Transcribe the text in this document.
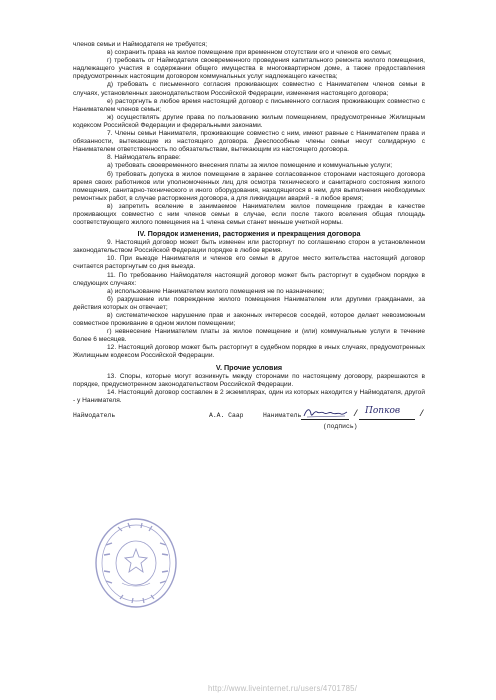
членов семьи и Наймодателя не требуется;

в) сохранить права на жилое помещение при временном отсутствии его и членов его семьи;

г) требовать от Наймодателя своевременного проведения капитального ремонта жилого помещения, надлежащего участия в содержании общего имущества в многоквартирном доме, а также предоставления предусмотренных настоящим договором коммунальных услуг надлежащего качества;

д) требовать с письменного согласия проживающих совместно с Нанимателем членов семьи в случаях, установленных законодательством Российской Федерации, изменения настоящего договора;

е) расторгнуть в любое время настоящий договор с письменного согласия проживающих совместно с Нанимателем членов семьи;

ж) осуществлять другие права по пользованию жилым помещением, предусмотренные Жилищным кодексом Российской Федерации и федеральными законами.

7. Члены семьи Нанимателя, проживающие совместно с ним, имеют равные с Нанимателем права и обязанности, вытекающие из настоящего договора. Дееспособные члены семьи несут солидарную с Нанимателем ответственность по обязательствам, вытекающим из настоящего договора.

8. Наймодатель вправе:

а) требовать своевременного внесения платы за жилое помещение и коммунальные услуги;

б) требовать допуска в жилое помещение в заранее согласованное сторонами настоящего договора время своих работников или уполномоченных лиц для осмотра технического и санитарного состояния жилого помещения, санитарно-технического и иного оборудования, находящегося в нем, для выполнения необходимых ремонтных работ, в случае расторжения договора, а для ликвидации аварий - в любое время;

в) запретить вселение в занимаемое Нанимателем жилое помещение граждан в качестве проживающих совместно с ним членов семьи в случае, если после такого вселения общая площадь соответствующего жилого помещения на 1 члена семьи станет меньше учетной нормы.

IV. Порядок изменения, расторжения и прекращения договора

9. Настоящий договор может быть изменен или расторгнут по соглашению сторон в установленном законодательством Российской Федерации порядке в любое время.

10. При выезде Нанимателя и членов его семьи в другое место жительства настоящий договор считается расторгнутым со дня выезда.

11. По требованию Наймодателя настоящий договор может быть расторгнут в судебном порядке в следующих случаях:

а) использование Нанимателем жилого помещения не по назначению;

б) разрушение или повреждение жилого помещения Нанимателем или другими гражданами, за действия которых он отвечает;

в) систематическое нарушение прав и законных интересов соседей, которое делает невозможным совместное проживание в одном жилом помещении;

г) невнесение Нанимателем платы за жилое помещение и (или) коммунальные услуги в течение более 6 месяцев.

12. Настоящий договор может быть расторгнут в судебном порядке в иных случаях, предусмотренных Жилищным кодексом Российской Федерации.

V. Прочие условия

13. Споры, которые могут возникнуть между сторонами по настоящему договору, разрешаются в порядке, предусмотренном законодательством Российской Федерации.

14. Настоящий договор составлен в 2 экземплярах, один из которых находится у Наймодателя, другой - у Нанимателя.

Наймодатель	А.А. Саар	Наниматель	/ Попков /
(подпись)
http://www.liveinternet.ru/users/4701785/
